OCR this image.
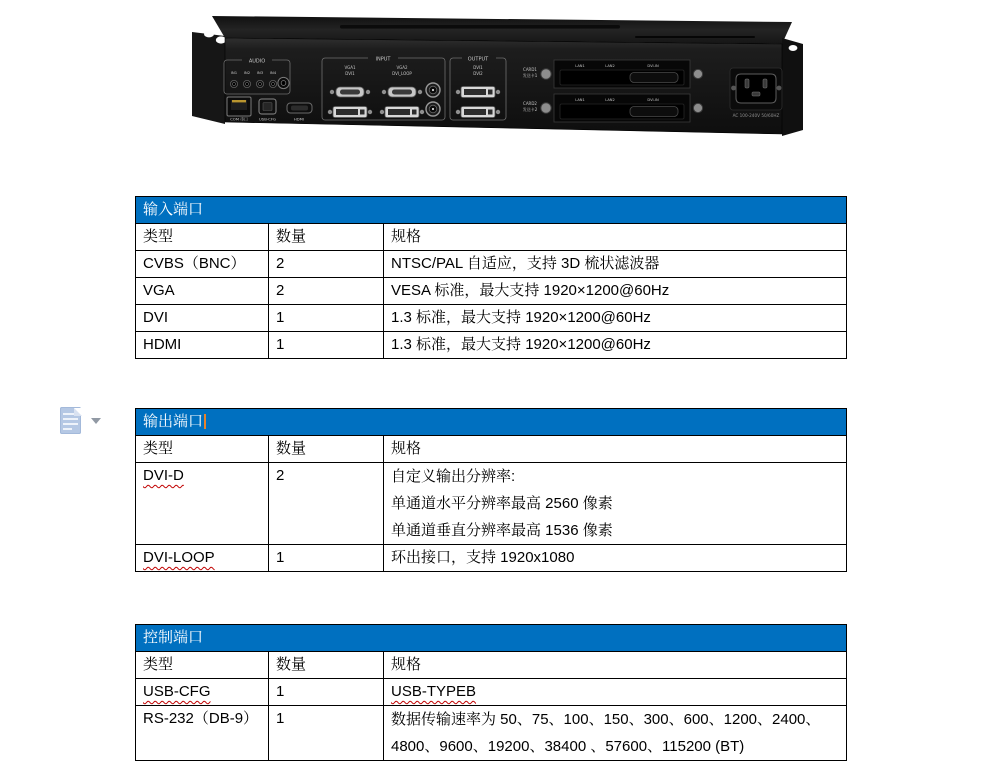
AUDIO
IN1 IN2 IN3 IN4
COM 串口	USB-CFG	HDMI
INPUT
VGA1
DVI1
VGA2
DVI_LOOP
OUTPUT
DVI1
DVI2
CARD1
发送卡1
LAN1	LAN2	DVI-IN
CARD2
发送卡2
LAN1	LAN2	DVI-IN
AC 100-240V 50/60HZ
输入端口		
类型	数量	规格
CVBS（BNC）	2	NTSC/PAL 自适应，支持 3D 梳状滤波器
VGA	2	VESA 标准，最大支持 1920×1200@60Hz
DVI	1	1.3 标准，最大支持 1920×1200@60Hz
HDMI	1	1.3 标准，最大支持 1920×1200@60Hz
输出端口		
类型	数量	规格
DVI-D	2	自定义输出分辨率:
单通道水平分辨率最高 2560 像素
单通道垂直分辨率最高 1536 像素

DVI-LOOP	1	环出接口，支持 1920x1080
控制端口		
类型	数量	规格
USB-CFG	1	USB-TYPEB
RS-232（DB-9）	1	数据传输速率为 50、75、100、150、300、600、1200、2400、
4800、9600、19200、38400 、57600、115200 (BT)
